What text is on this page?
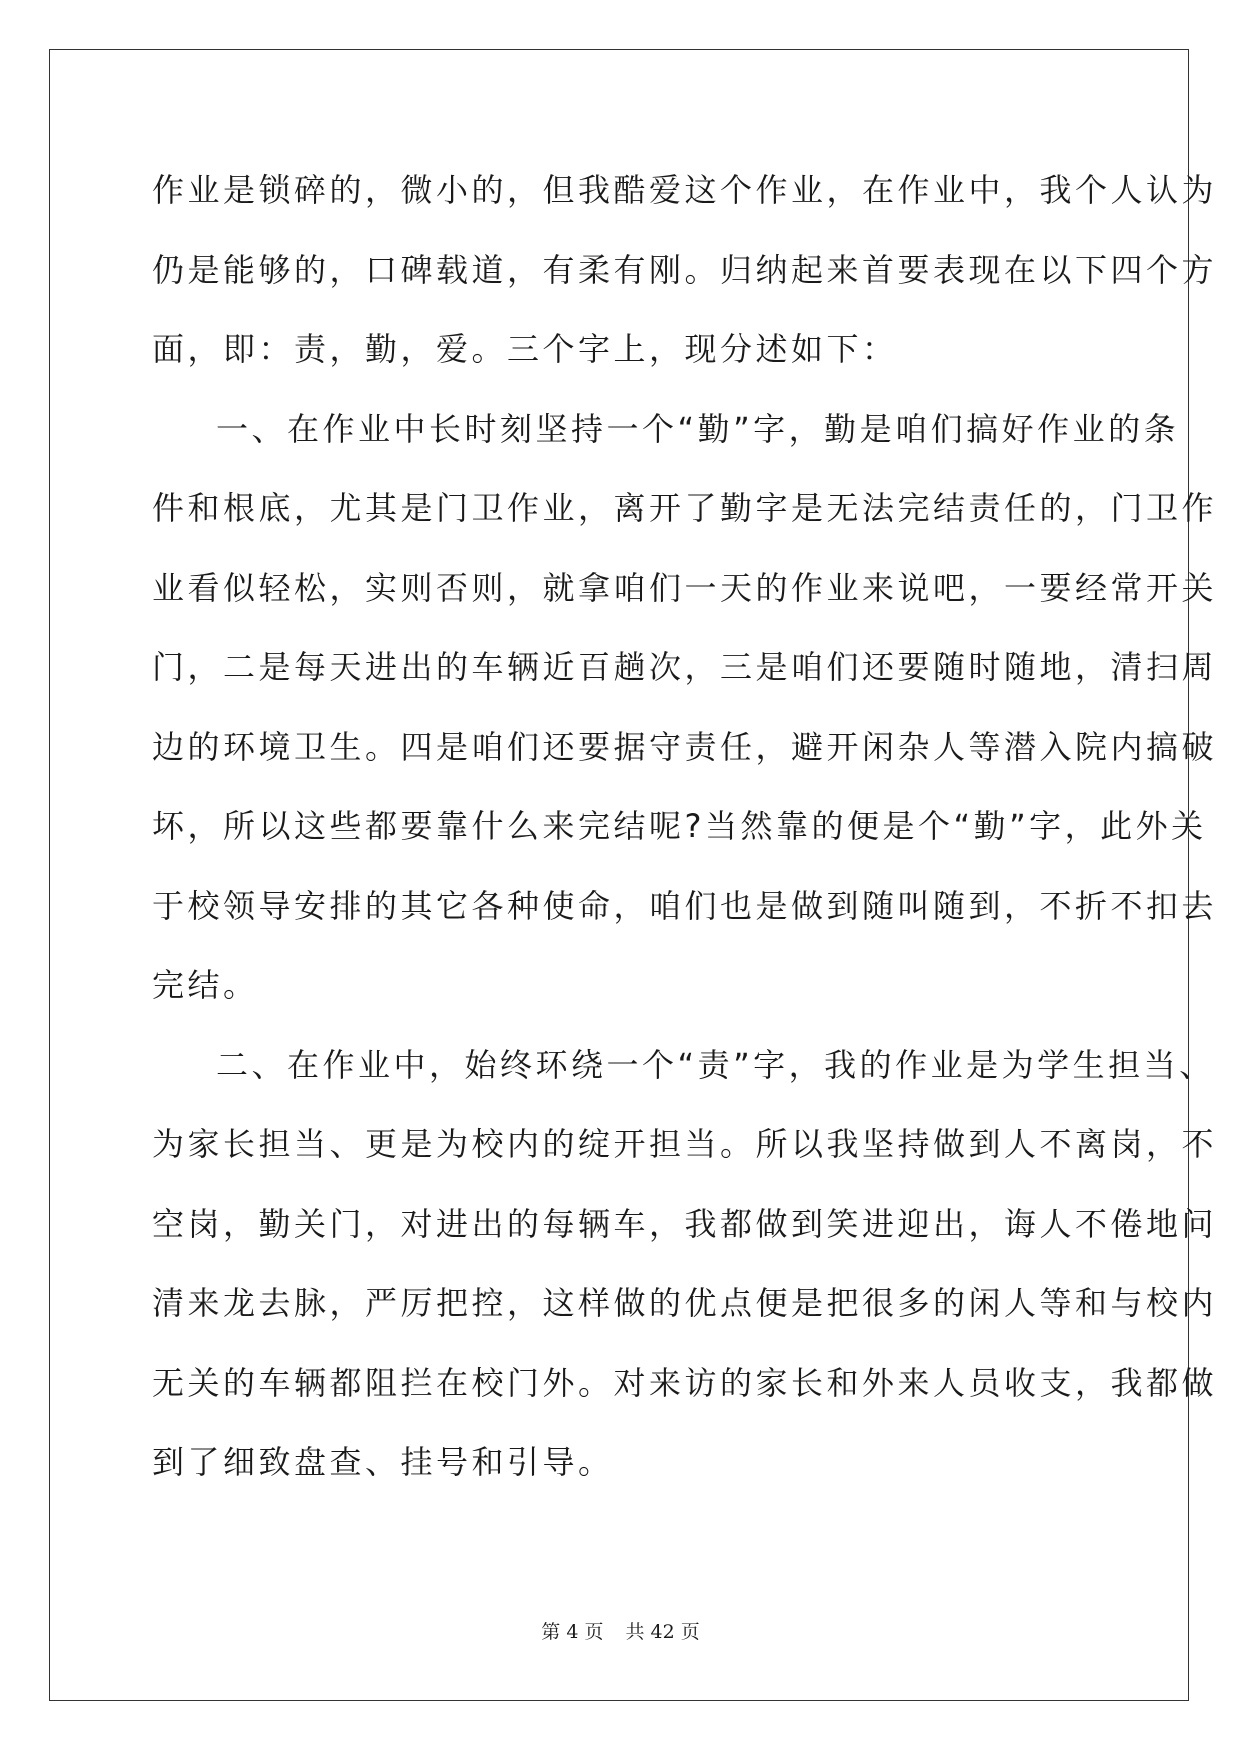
作业是锁碎的，微小的，但我酷爱这个作业，在作业中，我个人认为
仍是能够的，口碑载道，有柔有刚。归纳起来首要表现在以下四个方
面，即：责，勤，爱。三个字上，现分述如下：
一、在作业中长时刻坚持一个“勤”字，勤是咱们搞好作业的条
件和根底，尤其是门卫作业，离开了勤字是无法完结责任的，门卫作
业看似轻松，实则否则，就拿咱们一天的作业来说吧，一要经常开关
门，二是每天进出的车辆近百趟次，三是咱们还要随时随地，清扫周
边的环境卫生。四是咱们还要据守责任，避开闲杂人等潜入院内搞破
坏，所以这些都要靠什么来完结呢?当然靠的便是个“勤”字，此外关
于校领导安排的其它各种使命，咱们也是做到随叫随到，不折不扣去
完结。
二、在作业中，始终环绕一个“责”字，我的作业是为学生担当、
为家长担当、更是为校内的绽开担当。所以我坚持做到人不离岗，不
空岗，勤关门，对进出的每辆车，我都做到笑进迎出，诲人不倦地问
清来龙去脉，严厉把控，这样做的优点便是把很多的闲人等和与校内
无关的车辆都阻拦在校门外。对来访的家长和外来人员收支，我都做
到了细致盘查、挂号和引导。
第 4 页 共 42 页
